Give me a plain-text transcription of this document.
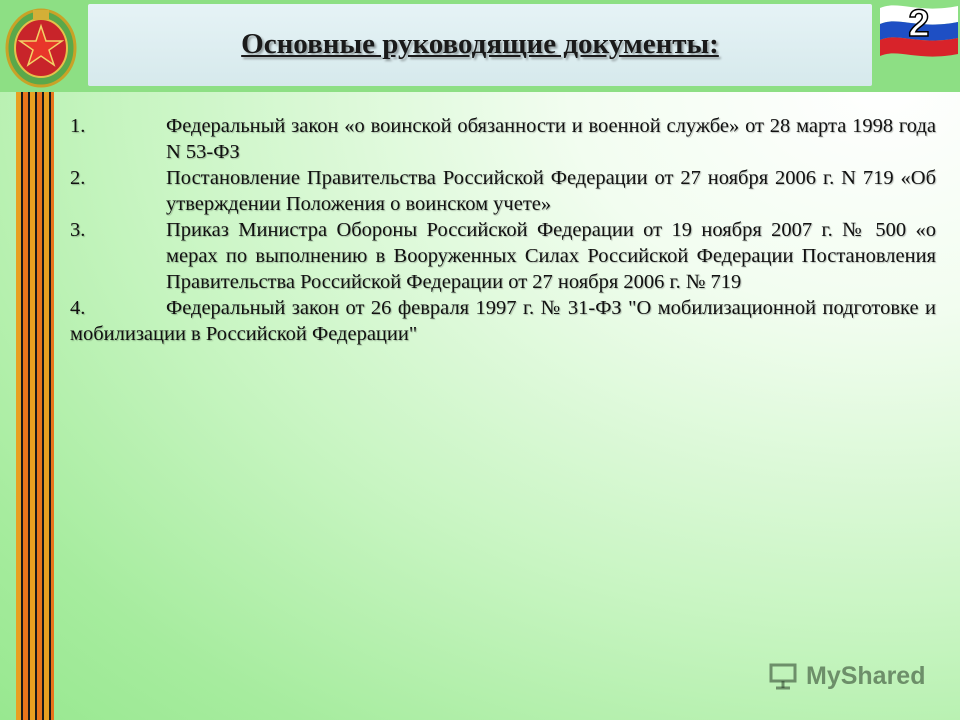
Основные руководящие документы:	2
1.	Федеральный закон «о воинской обязанности и военной службе» от 28 марта 1998 года N 53-ФЗ
2.	Постановление Правительства Российской Федерации от 27 ноября 2006 г. N 719 «Об утверждении Положения о воинском учете»
3.	Приказ Министра Обороны Российской Федерации от 19 ноября 2007 г. № 500 «о мерах по выполнению в Вооруженных Силах Российской Федерации Постановления Правительства Российской Федерации от 27 ноября 2006 г. № 719
4.	Федеральный закон от 26 февраля 1997 г. № 31-ФЗ "О мобилизационной подготовке и мобилизации в Российской Федерации"
MyShared
